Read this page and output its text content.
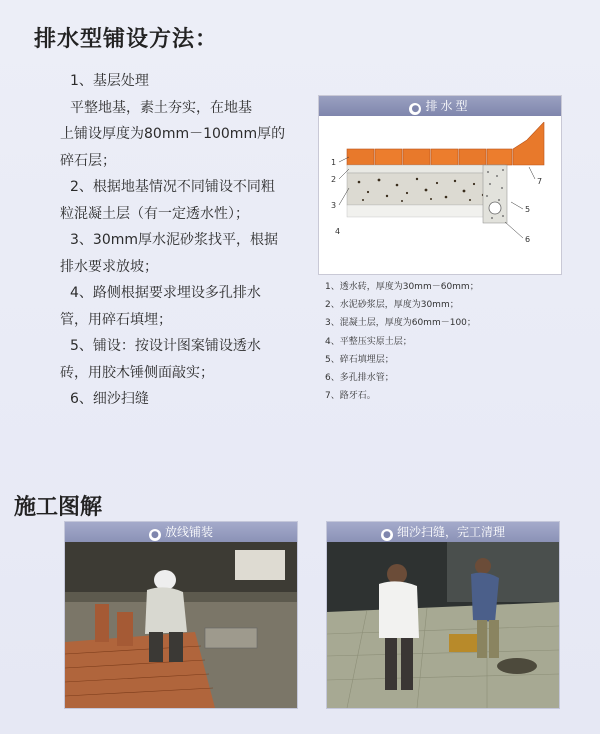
排水型铺设方法：

1、基层处理

平整地基，素土夯实，在地基

上铺设厚度为80mm－100mm厚的

碎石层；

2、根据地基情况不同铺设不同粗

粒混凝土层（有一定透水性）；

3、30mm厚水泥砂浆找平，根据

排水要求放坡；

4、路侧根据要求埋设多孔排水

管，用碎石填埋；

5、铺设：按设计图案铺设透水

砖，用胶木锤侧面敲实；

6、细沙扫缝

● 排水型
1
2
3
4
5
6
7
1、透水砖，厚度为30mm－60mm；
2、水泥砂浆层，厚度为30mm；
3、混凝土层，厚度为60mm－100；
4、平整压实原土层；
5、碎石填埋层；
6、多孔排水管；
7、路牙石。
施工图解
● 放线铺装	● 细沙扫缝，完工清理
